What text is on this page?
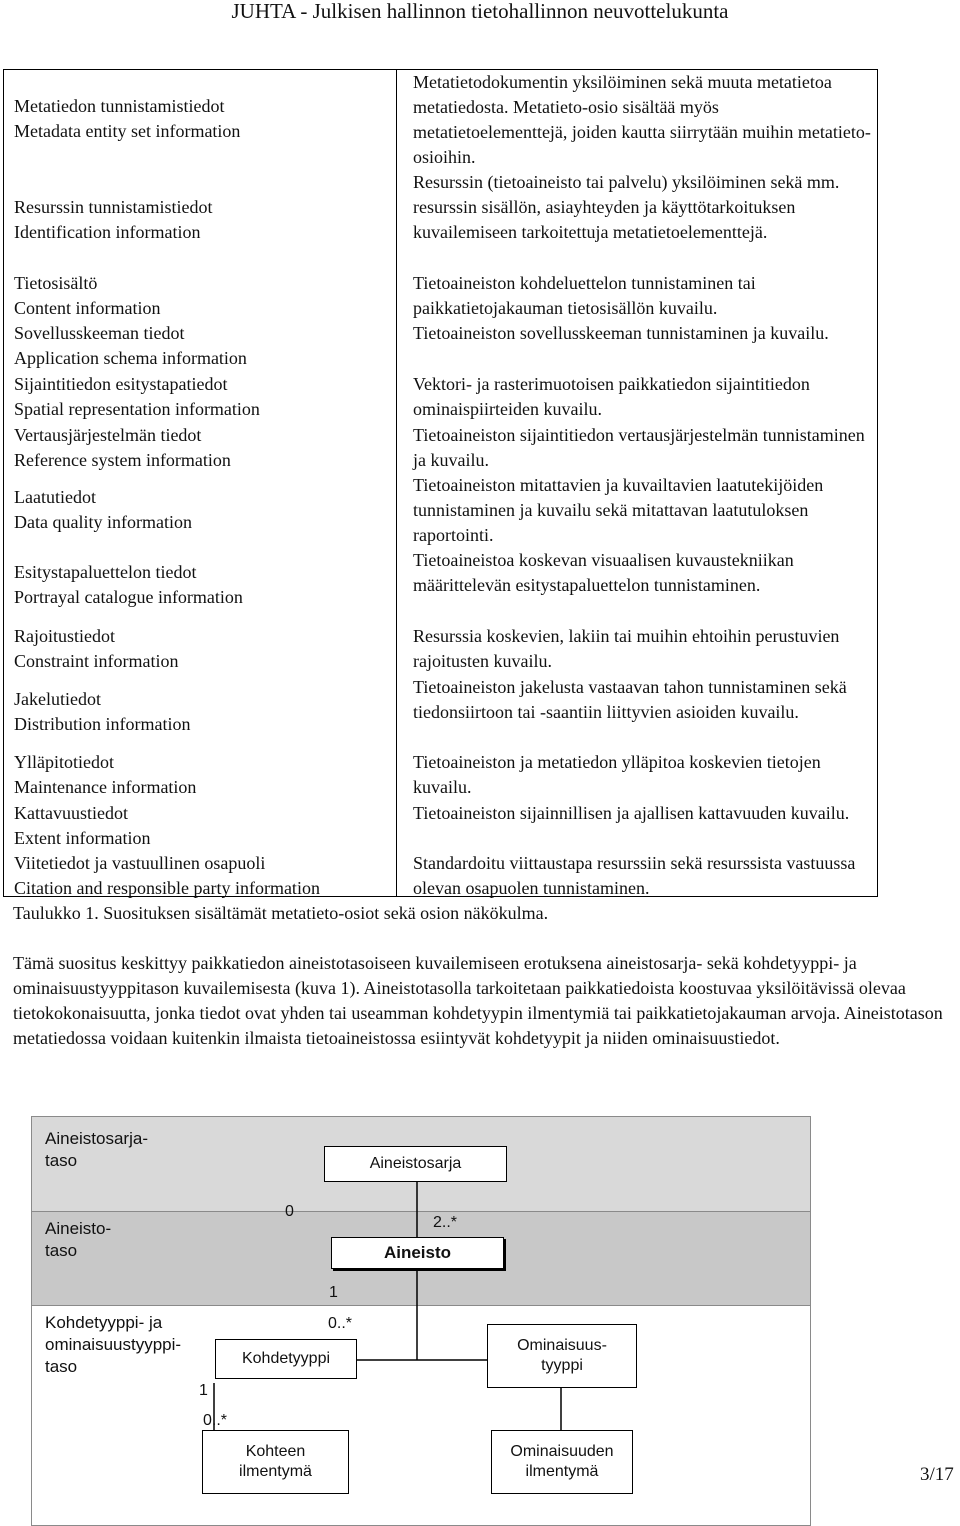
JUHTA - Julkisen hallinnon tietohallinnon neuvottelukunta
Metatiedon tunnistamistiedot
Metadata entity set information
Metatietodokumentin yksilöiminen sekä muuta metatietoa metatiedosta. Metatieto-osio sisältää myös metatietoelementtejä, joiden kautta siirrytään muihin metatieto-osioihin.
Resurssin tunnistamistiedot
Identification information
Resurssin (tietoaineisto tai palvelu) yksilöiminen sekä mm. resurssin sisällön, asiayhteyden ja käyttötarkoituksen kuvailemiseen tarkoitettuja metatietoelementtejä.
Tietosisältö
Content information
Tietoaineiston kohdeluettelon tunnistaminen tai paikkatietojakauman tietosisällön kuvailu.
Sovellusskeeman tiedot
Application schema information
Tietoaineiston sovellusskeeman tunnistaminen ja kuvailu.
Sijaintitiedon esitystapatiedot
Spatial representation information
Vektori- ja rasterimuotoisen paikkatiedon sijaintitiedon ominaispiirteiden kuvailu.
Vertausjärjestelmän tiedot
Reference system information
Tietoaineiston sijaintitiedon vertausjärjestelmän tunnistaminen ja kuvailu.
Laatutiedot
Data quality information
Tietoaineiston mitattavien ja kuvailtavien laatutekijöiden tunnistaminen ja kuvailu sekä mitattavan laatutuloksen raportointi.
Esitystapaluettelon tiedot
Portrayal catalogue information
Tietoaineistoa koskevan visuaalisen kuvaustekniikan määrittelevän esitystapaluettelon tunnistaminen.
Rajoitustiedot
Constraint information
Resurssia koskevien, lakiin tai muihin ehtoihin perustuvien rajoitusten kuvailu.
Jakelutiedot
Distribution information
Tietoaineiston jakelusta vastaavan tahon tunnistaminen sekä tiedonsiirtoon tai -saantiin liittyvien asioiden kuvailu.
Ylläpitotiedot
Maintenance information
Tietoaineiston ja metatiedon ylläpitoa koskevien tietojen kuvailu.
Kattavuustiedot
Extent information
Tietoaineiston sijainnillisen ja ajallisen kattavuuden kuvailu.
Viitetiedot ja vastuullinen osapuoli
Citation and responsible party information
Standardoitu viittaustapa resurssiin sekä resurssista vastuussa olevan osapuolen tunnistaminen.
Taulukko 1. Suosituksen sisältämät metatieto-osiot sekä osion näkökulma.
Tämä suositus keskittyy paikkatiedon aineistotasoiseen kuvailemiseen erotuksena aineistosarja- sekä kohdetyyppi- ja ominaisuustyyppitason kuvailemisesta (kuva 1). Aineistotasolla tarkoitetaan paikkatiedoista koostuvaa yksilöitävissä olevaa tietokokonaisuutta, jonka tiedot ovat yhden tai useamman kohdetyypin ilmentymiä tai paikkatietojakauman arvoja. Aineistotason metatiedossa voidaan kuitenkin ilmaista tietoaineistossa esiintyvät kohdetyypit ja niiden ominaisuustiedot.
Aineistosarja-
taso
Aineisto-
taso
Kohdetyyppi- ja
ominaisuustyyppi-
taso
Aineistosarja
Aineisto
Kohdetyyppi
Ominaisuus-
tyyppi
Kohteen
ilmentymä
Ominaisuuden
ilmentymä
0
2..*
1
0..*
1
0..*
3/17
